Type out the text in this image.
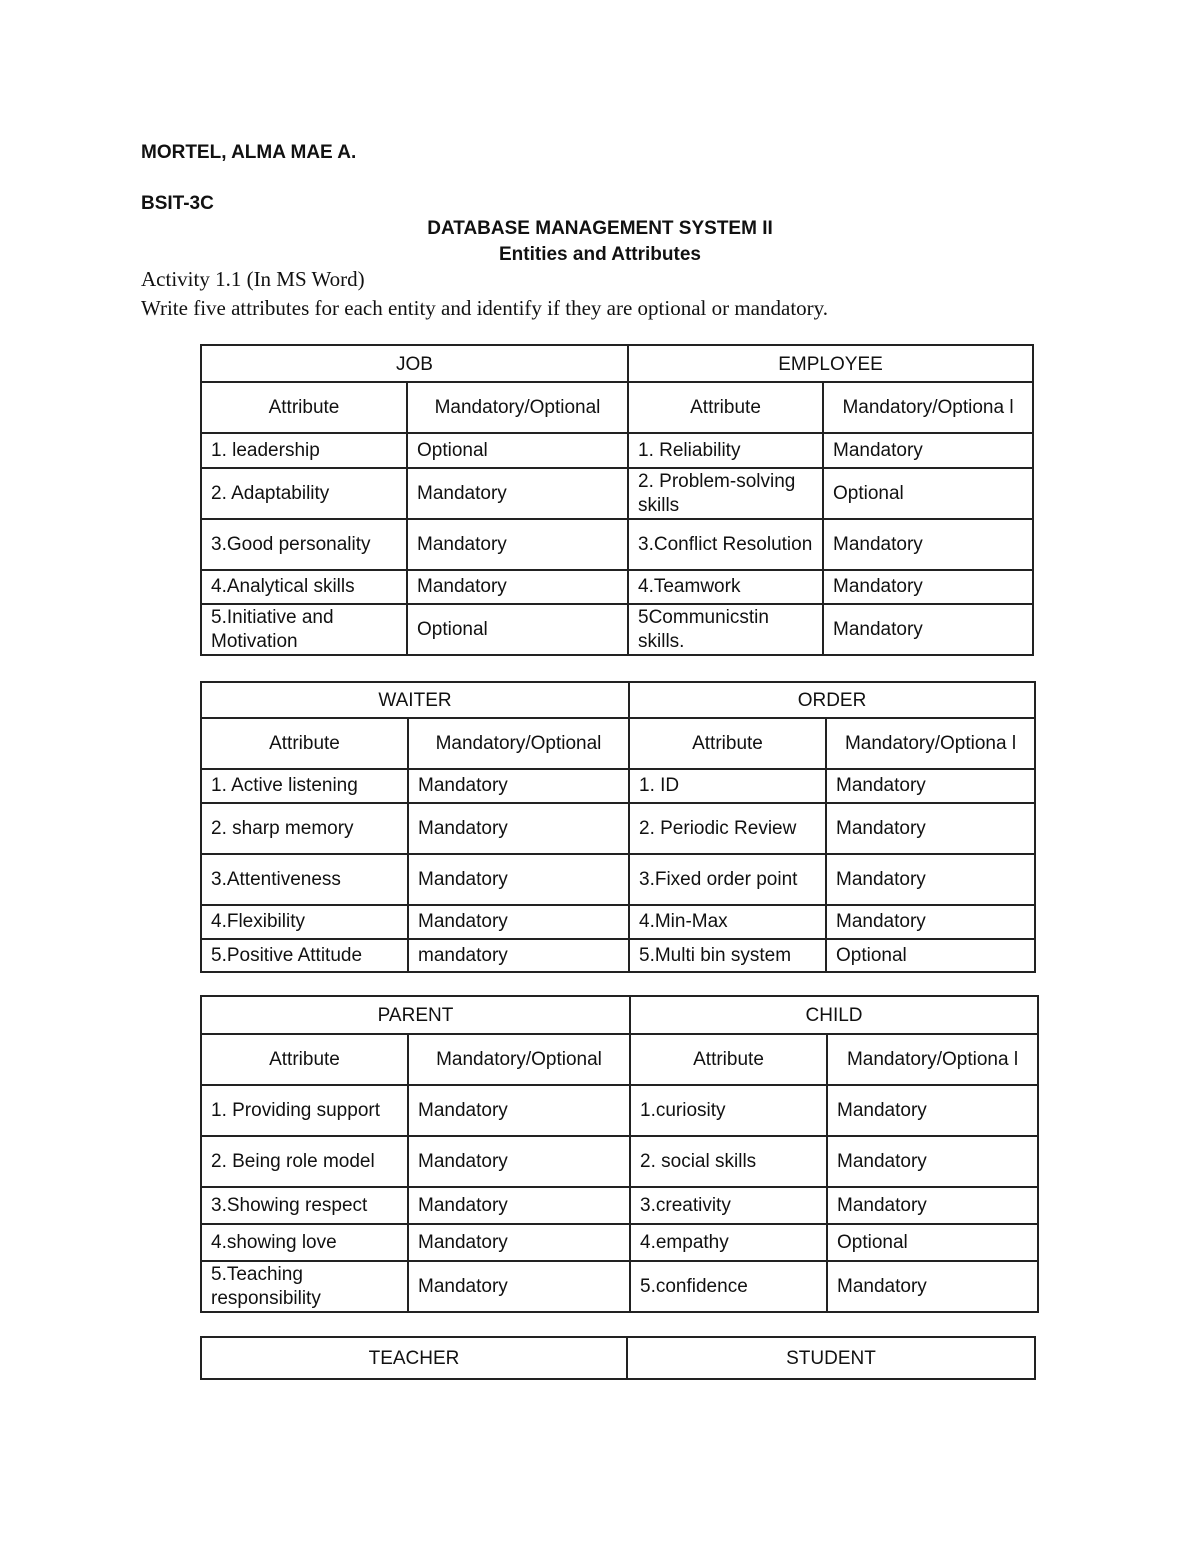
MORTEL, ALMA MAE A.
BSIT-3C
DATABASE MANAGEMENT SYSTEM II
Entities and Attributes
Activity 1.1 (In MS Word)
Write five attributes for each entity and identify if they are optional or mandatory.
JOB		EMPLOYEE	
Attribute	Mandatory/Optional	Attribute	Mandatory/Optiona l
1. leadership	Optional	1. Reliability	Mandatory
2. Adaptability	Mandatory	2. Problem-solving skills	Optional
3.Good personality	Mandatory	3.Conflict Resolution	Mandatory
4.Analytical skills	Mandatory	4.Teamwork	Mandatory
5.Initiative and Motivation	Optional	5Communicstin skills.	Mandatory
WAITER		ORDER	
Attribute	Mandatory/Optional	Attribute	Mandatory/Optiona l
1. Active listening	Mandatory	1. ID	Mandatory
2. sharp memory	Mandatory	2. Periodic Review	Mandatory
3.Attentiveness	Mandatory	3.Fixed order point	Mandatory
4.Flexibility	Mandatory	4.Min-Max	Mandatory
5.Positive Attitude	mandatory	5.Multi bin system	Optional
PARENT		CHILD	
Attribute	Mandatory/Optional	Attribute	Mandatory/Optiona l
1. Providing support	Mandatory	1.curiosity	Mandatory
2. Being role model	Mandatory	2. social skills	Mandatory
3.Showing respect	Mandatory	3.creativity	Mandatory
4.showing love	Mandatory	4.empathy	Optional
5.Teaching responsibility	Mandatory	5.confidence	Mandatory
TEACHER	STUDENT
